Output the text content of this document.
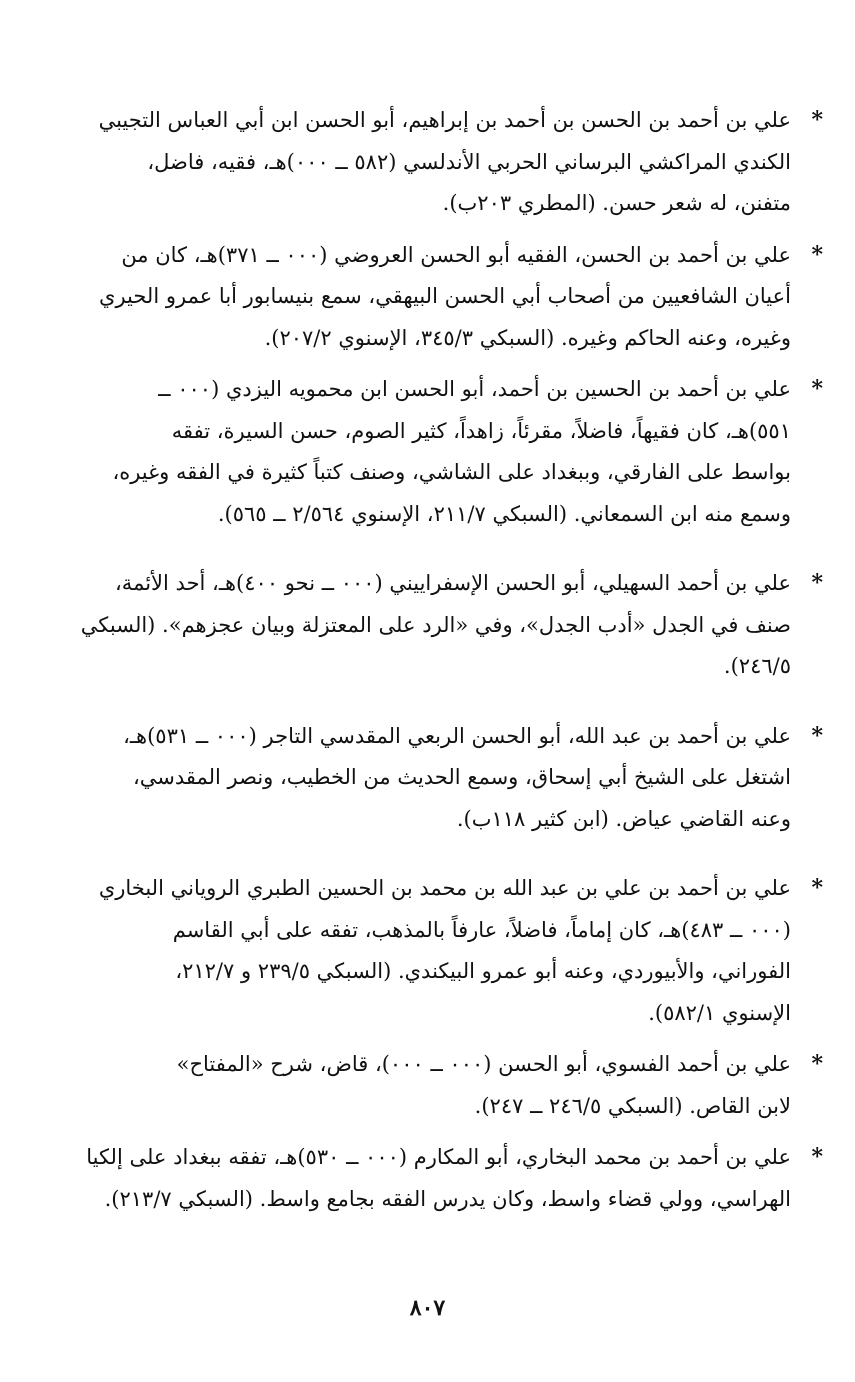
*
علي بن أحمد بن الحسن بن أحمد بن إبراهيم، أبو الحسن ابن أبي العباس التجيبي
الكندي المراكشي البرساني الحربي الأندلسي (٥٨٢ ــ ٠٠٠)هـ، فقيه، فاضل،
متفنن، له شعر حسن. (المطري ٢٠٣ب).
*
علي بن أحمد بن الحسن، الفقيه أبو الحسن العروضي (٠٠٠ ــ ٣٧١)هـ، كان من
أعيان الشافعيين من أصحاب أبي الحسن البيهقي، سمع بنيسابور أبا عمرو الحيري
وغيره، وعنه الحاكم وغيره. (السبكي ٣٤٥/٣، الإسنوي ٢٠٧/٢).
*
علي بن أحمد بن الحسين بن أحمد، أبو الحسن ابن محمويه اليزدي (٠٠٠ ــ
٥٥١)هـ، كان فقيهاً، فاضلاً، مقرئاً، زاهداً، كثير الصوم، حسن السيرة، تفقه
بواسط على الفارقي، وببغداد على الشاشي، وصنف كتباً كثيرة في الفقه وغيره،
وسمع منه ابن السمعاني. (السبكي ٢١١/٧، الإسنوي ٢/٥٦٤ ــ ٥٦٥).
*
علي بن أحمد السهيلي، أبو الحسن الإسفراييني (٠٠٠ ــ نحو ٤٠٠)هـ، أحد الأئمة،
صنف في الجدل «أدب الجدل»، وفي «الرد على المعتزلة وبيان عجزهم». (السبكي
٢٤٦/٥).
*
علي بن أحمد بن عبد الله، أبو الحسن الربعي المقدسي التاجر (٠٠٠ ــ ٥٣١)هـ،
اشتغل على الشيخ أبي إسحاق، وسمع الحديث من الخطيب، ونصر المقدسي،
وعنه القاضي عياض. (ابن كثير ١١٨ب).
*
علي بن أحمد بن علي بن عبد الله بن محمد بن الحسين الطبري الروياني البخاري
(٠٠٠ ــ ٤٨٣)هـ، كان إماماً، فاضلاً، عارفاً بالمذهب، تفقه على أبي القاسم
الفوراني، والأبيوردي، وعنه أبو عمرو البيكندي. (السبكي ٢٣٩/٥ و ٢١٢/٧،
الإسنوي ٥٨٢/١).
*
علي بن أحمد الفسوي، أبو الحسن (٠٠٠ ــ ٠٠٠)، قاض، شرح «المفتاح»
لابن القاص. (السبكي ٢٤٦/٥ ــ ٢٤٧).
*
علي بن أحمد بن محمد البخاري، أبو المكارم (٠٠٠ ــ ٥٣٠)هـ، تفقه ببغداد على إلكيا
الهراسي، وولي قضاء واسط، وكان يدرس الفقه بجامع واسط. (السبكي ٢١٣/٧).
٨٠٧
